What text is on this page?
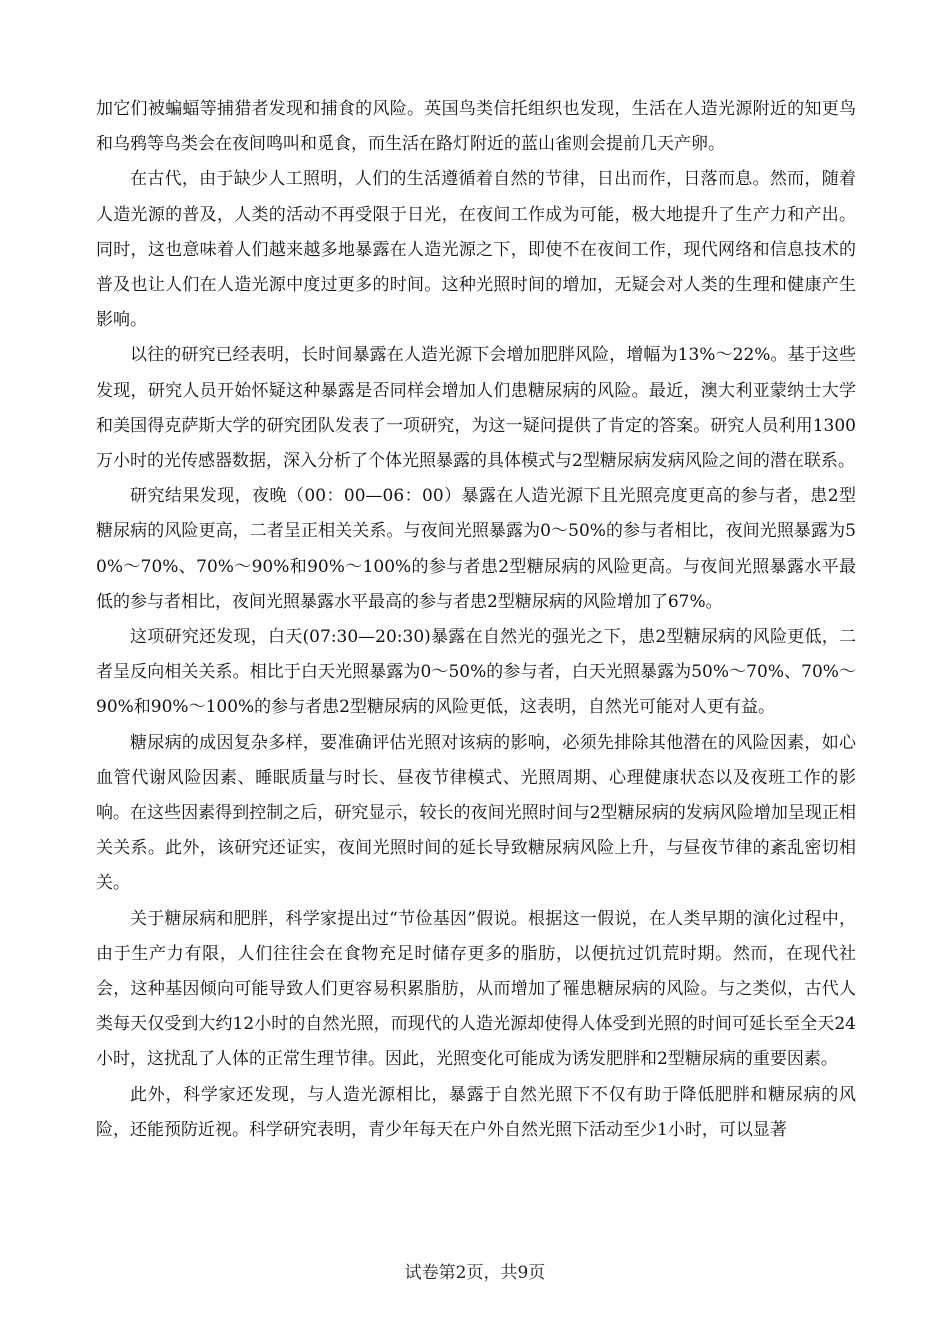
加它们被蝙蝠等捕猎者发现和捕食的风险。英国鸟类信托组织也发现，生活在人造光源附近的知更鸟和乌鸦等鸟类会在夜间鸣叫和觅食，而生活在路灯附近的蓝山雀则会提前几天产卵。

在古代，由于缺少人工照明，人们的生活遵循着自然的节律，日出而作，日落而息。然而，随着人造光源的普及，人类的活动不再受限于日光，在夜间工作成为可能，极大地提升了生产力和产出。同时，这也意味着人们越来越多地暴露在人造光源之下，即使不在夜间工作，现代网络和信息技术的普及也让人们在人造光源中度过更多的时间。这种光照时间的增加，无疑会对人类的生理和健康产生影响。

以往的研究已经表明，长时间暴露在人造光源下会增加肥胖风险，增幅为13%～22%。基于这些发现，研究人员开始怀疑这种暴露是否同样会增加人们患糖尿病的风险。最近，澳大利亚蒙纳士大学和美国得克萨斯大学的研究团队发表了一项研究，为这一疑问提供了肯定的答案。研究人员利用1300万小时的光传感器数据，深入分析了个体光照暴露的具体模式与2型糖尿病发病风险之间的潜在联系。

研究结果发现，夜晚（00：00—06：00）暴露在人造光源下且光照亮度更高的参与者，患2型糖尿病的风险更高，二者呈正相关关系。与夜间光照暴露为0～50%的参与者相比，夜间光照暴露为50%～70%、70%～90%和90%～100%的参与者患2型糖尿病的风险更高。与夜间光照暴露水平最低的参与者相比，夜间光照暴露水平最高的参与者患2型糖尿病的风险增加了67%。

这项研究还发现，白天(07:30—20:30)暴露在自然光的强光之下，患2型糖尿病的风险更低，二者呈反向相关关系。相比于白天光照暴露为0～50%的参与者，白天光照暴露为50%～70%、70%～90%和90%～100%的参与者患2型糖尿病的风险更低，这表明，自然光可能对人更有益。

糖尿病的成因复杂多样，要准确评估光照对该病的影响，必须先排除其他潜在的风险因素，如心血管代谢风险因素、睡眠质量与时长、昼夜节律模式、光照周期、心理健康状态以及夜班工作的影响。在这些因素得到控制之后，研究显示，较长的夜间光照时间与2型糖尿病的发病风险增加呈现正相关关系。此外，该研究还证实，夜间光照时间的延长导致糖尿病风险上升，与昼夜节律的紊乱密切相关。

关于糖尿病和肥胖，科学家提出过“节俭基因”假说。根据这一假说，在人类早期的演化过程中，由于生产力有限，人们往往会在食物充足时储存更多的脂肪，以便抗过饥荒时期。然而，在现代社会，这种基因倾向可能导致人们更容易积累脂肪，从而增加了罹患糖尿病的风险。与之类似，古代人类每天仅受到大约12小时的自然光照，而现代的人造光源却使得人体受到光照的时间可延长至全天24小时，这扰乱了人体的正常生理节律。因此，光照变化可能成为诱发肥胖和2型糖尿病的重要因素。

此外，科学家还发现，与人造光源相比，暴露于自然光照下不仅有助于降低肥胖和糖尿病的风险，还能预防近视。科学研究表明，青少年每天在户外自然光照下活动至少1小时，可以显著

试卷第2页，共9页
